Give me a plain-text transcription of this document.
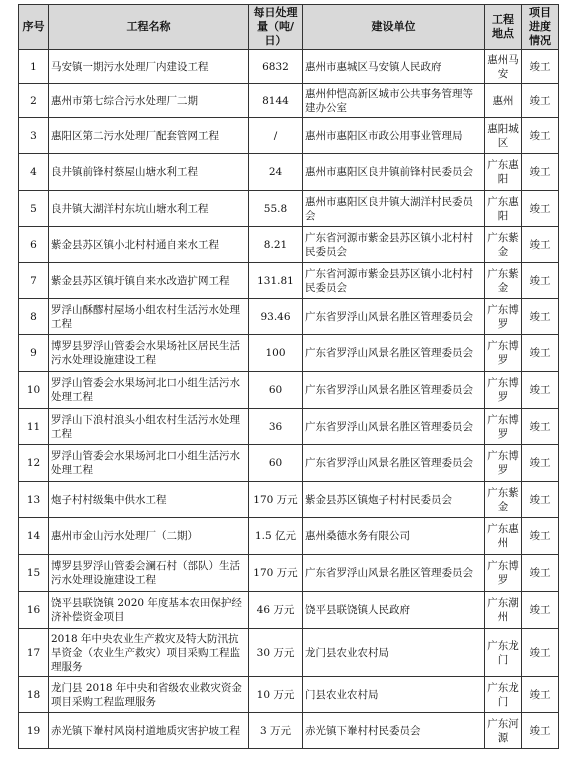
序号	工程名称	每日处理量（吨/日）	建设单位	工程地点	项目进度情况
1	马安镇一期污水处理厂内建设工程	6832	惠州市惠城区马安镇人民政府	惠州马安	竣工
2	惠州市第七综合污水处理厂二期	8144	惠州仲恺高新区城市公共事务管理等建办公室	惠州	竣工
3	惠阳区第二污水处理厂配套管网工程	/	惠州市惠阳区市政公用事业管理局	惠阳城区	竣工
4	良井镇前锋村蔡屋山塘水利工程	24	惠州市惠阳区良井镇前锋村民委员会	广东惠阳	竣工
5	良井镇大湖洋村东坑山塘水利工程	55.8	惠州市惠阳区良井镇大湖洋村民委员会	广东惠阳	竣工
6	紫金县苏区镇小北村村通自来水工程	8.21	广东省河源市紫金县苏区镇小北村村民委员会	广东紫金	竣工
7	紫金县苏区镇圩镇自来水改造扩网工程	131.81	广东省河源市紫金县苏区镇小北村村民委员会	广东紫金	竣工
8	罗浮山酥醪村屋场小组农村生活污水处理工程	93.46	广东省罗浮山风景名胜区管理委员会	广东博罗	竣工
9	博罗县罗浮山管委会水果场社区居民生活污水处理设施建设工程	100	广东省罗浮山风景名胜区管理委员会	广东博罗	竣工
10	罗浮山管委会水果场河北口小组生活污水处理工程	60	广东省罗浮山风景名胜区管理委员会	广东博罗	竣工
11	罗浮山下浪村浪头小组农村生活污水处理工程	36	广东省罗浮山风景名胜区管理委员会	广东博罗	竣工
12	罗浮山管委会水果场河北口小组生活污水处理工程	60	广东省罗浮山风景名胜区管理委员会	广东博罗	竣工
13	炮子村村级集中供水工程	170 万元	紫金县苏区镇炮子村村民委员会	广东紫金	竣工
14	惠州市金山污水处理厂（二期）	1.5 亿元	惠州桑德水务有限公司	广东惠州	竣工
15	博罗县罗浮山管委会澜石村（部队）生活污水处理设施建设工程	170 万元	广东省罗浮山风景名胜区管理委员会	广东博罗	竣工
16	饶平县联饶镇 2020 年度基本农田保护经济补偿资金项目	46 万元	饶平县联饶镇人民政府	广东潮州	竣工
17	2018 年中央农业生产救灾及特大防汛抗旱资金（农业生产救灾）项目采购工程监理服务	30 万元	龙门县农业农村局	广东龙门	竣工
18	龙门县 2018 年中央和省级农业救灾资金项目采购工程监理服务	10 万元	门县农业农村局	广东龙门	竣工
19	赤光镇下輋村风岗村道地质灾害护坡工程	3 万元	赤光镇下輋村村民委员会	广东河源	竣工
